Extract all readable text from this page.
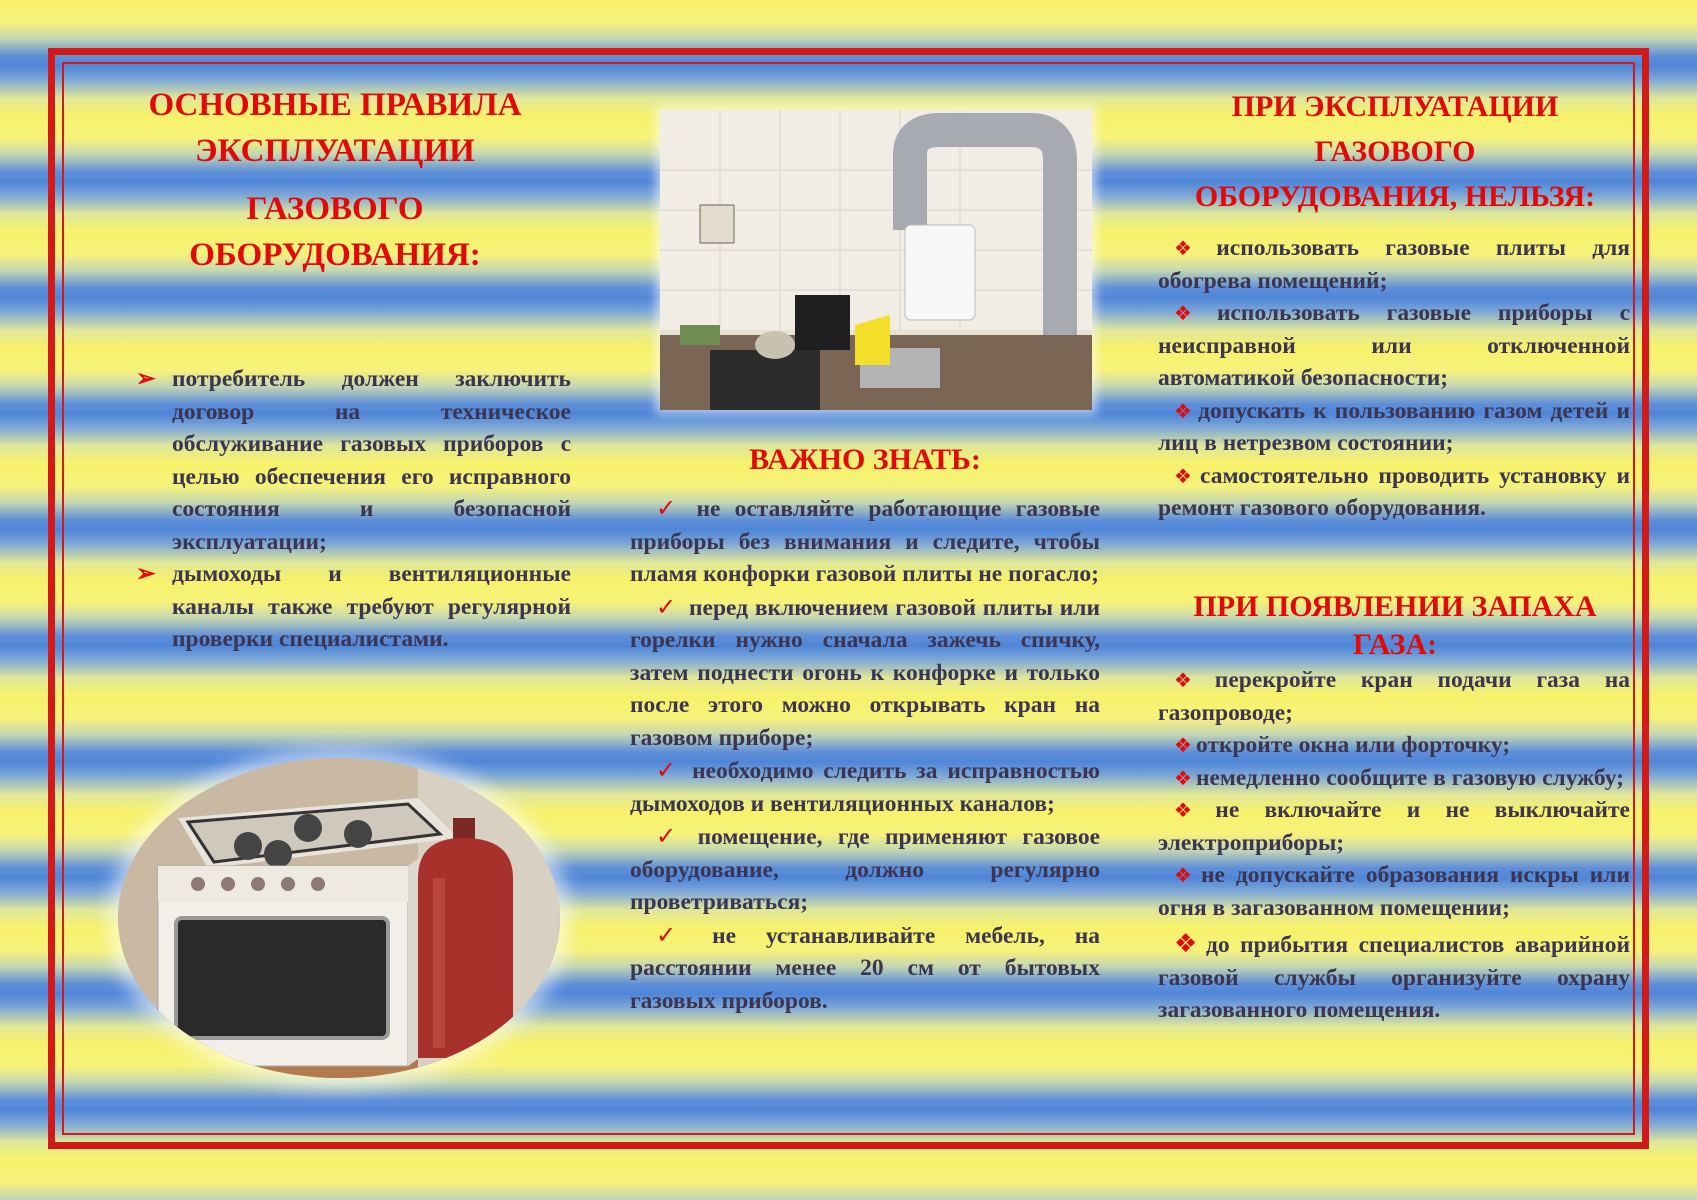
ОСНОВНЫЕ ПРАВИЛА
ЭКСПЛУАТАЦИИ
ГАЗОВОГО
ОБОРУДОВАНИЯ:
➢ потребитель должен заключить договор на техническое обслуживание газовых приборов с целью обеспечения его исправного состояния и безопасной эксплуатации;
➢ дымоходы и вентиляционные каналы также требуют регулярной проверки специалистами.
ВАЖНО ЗНАТЬ:
✓ не оставляйте работающие газовые приборы без внимания и следите, чтобы пламя конфорки газовой плиты не погасло;
✓ перед включением газовой плиты или горелки нужно сначала зажечь спичку, затем поднести огонь к конфорке и только после этого можно открывать кран на газовом приборе;
✓ необходимо следить за исправностью дымоходов и вентиляционных каналов;
✓ помещение, где применяют газовое оборудование, должно регулярно проветриваться;
✓ не устанавливайте мебель, на расстоянии менее 20 см от бытовых газовых приборов.
ПРИ ЭКСПЛУАТАЦИИ
ГАЗОВОГО
ОБОРУДОВАНИЯ, НЕЛЬЗЯ:
❖ использовать газовые плиты для обогрева помещений;
❖ использовать газовые приборы с неисправной или отключенной автоматикой безопасности;
❖ допускать к пользованию газом детей и лиц в нетрезвом состоянии;
❖ самостоятельно проводить установку и ремонт газового оборудования.
ПРИ ПОЯВЛЕНИИ ЗАПАХА
ГАЗА:
❖ перекройте кран подачи газа на газопроводе;
❖ откройте окна или форточку;
❖ немедленно сообщите в газовую службу;
❖ не включайте и не выключайте электроприборы;
❖ не допускайте образования искры или огня в загазованном помещении;
❖ до прибытия специалистов аварийной газовой службы организуйте охрану загазованного помещения.
